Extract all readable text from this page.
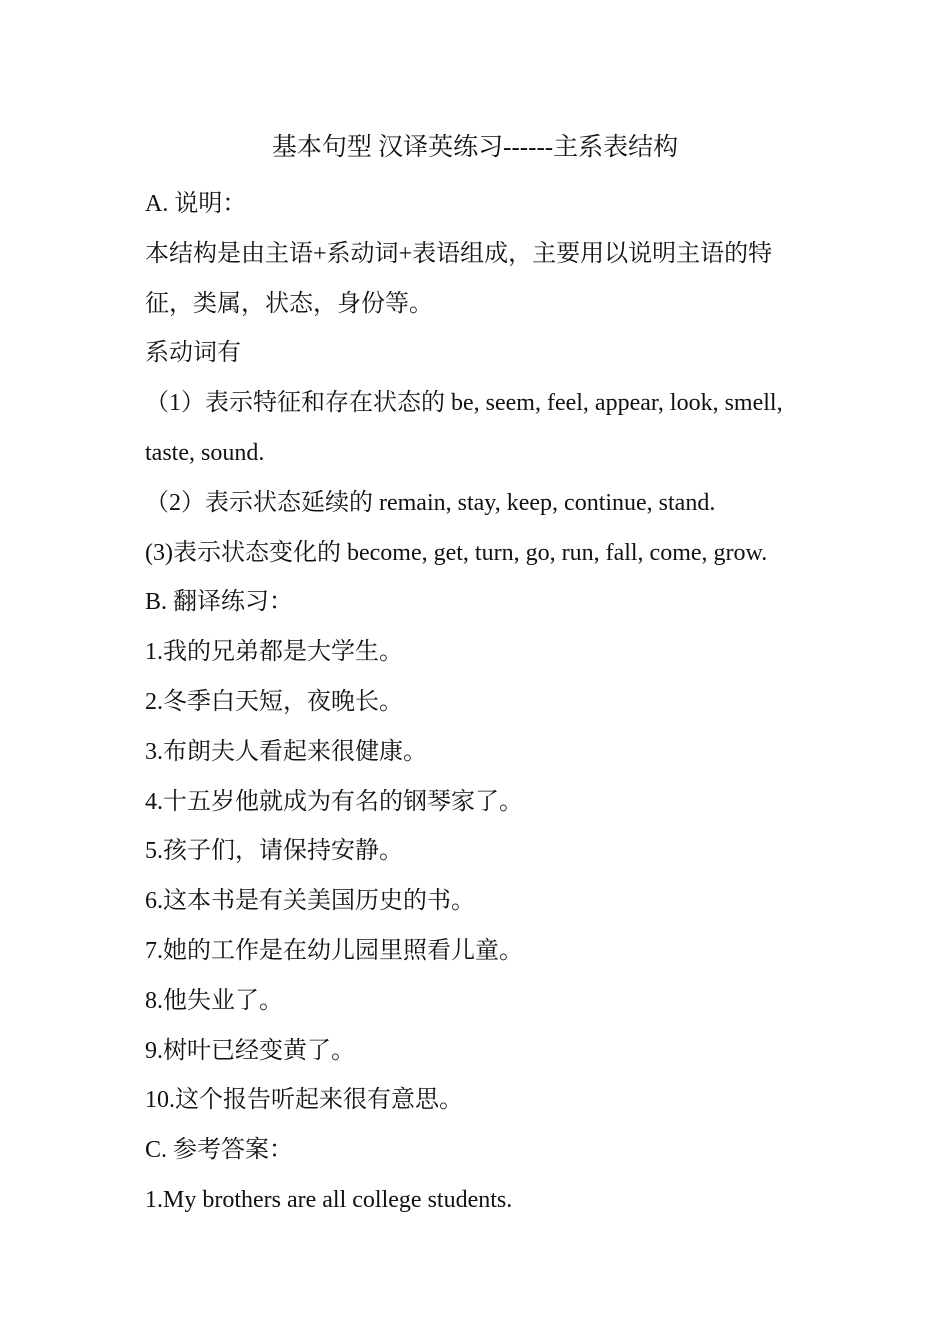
基本句型 汉译英练习------主系表结构
A. 说明：
本结构是由主语+系动词+表语组成，主要用以说明主语的特征，类属，状态，身份等。
系动词有
（1）表示特征和存在状态的 be, seem, feel, appear, look, smell, taste, sound.
（2）表示状态延续的 remain, stay, keep, continue, stand.
(3)表示状态变化的 become, get, turn, go, run, fall, come, grow.
B. 翻译练习：
1.我的兄弟都是大学生。
2.冬季白天短，夜晚长。
3.布朗夫人看起来很健康。
4.十五岁他就成为有名的钢琴家了。
5.孩子们，请保持安静。
6.这本书是有关美国历史的书。
7.她的工作是在幼儿园里照看儿童。
8.他失业了。
9.树叶已经变黄了。
10.这个报告听起来很有意思。
C. 参考答案：
1.My brothers are all college students.
